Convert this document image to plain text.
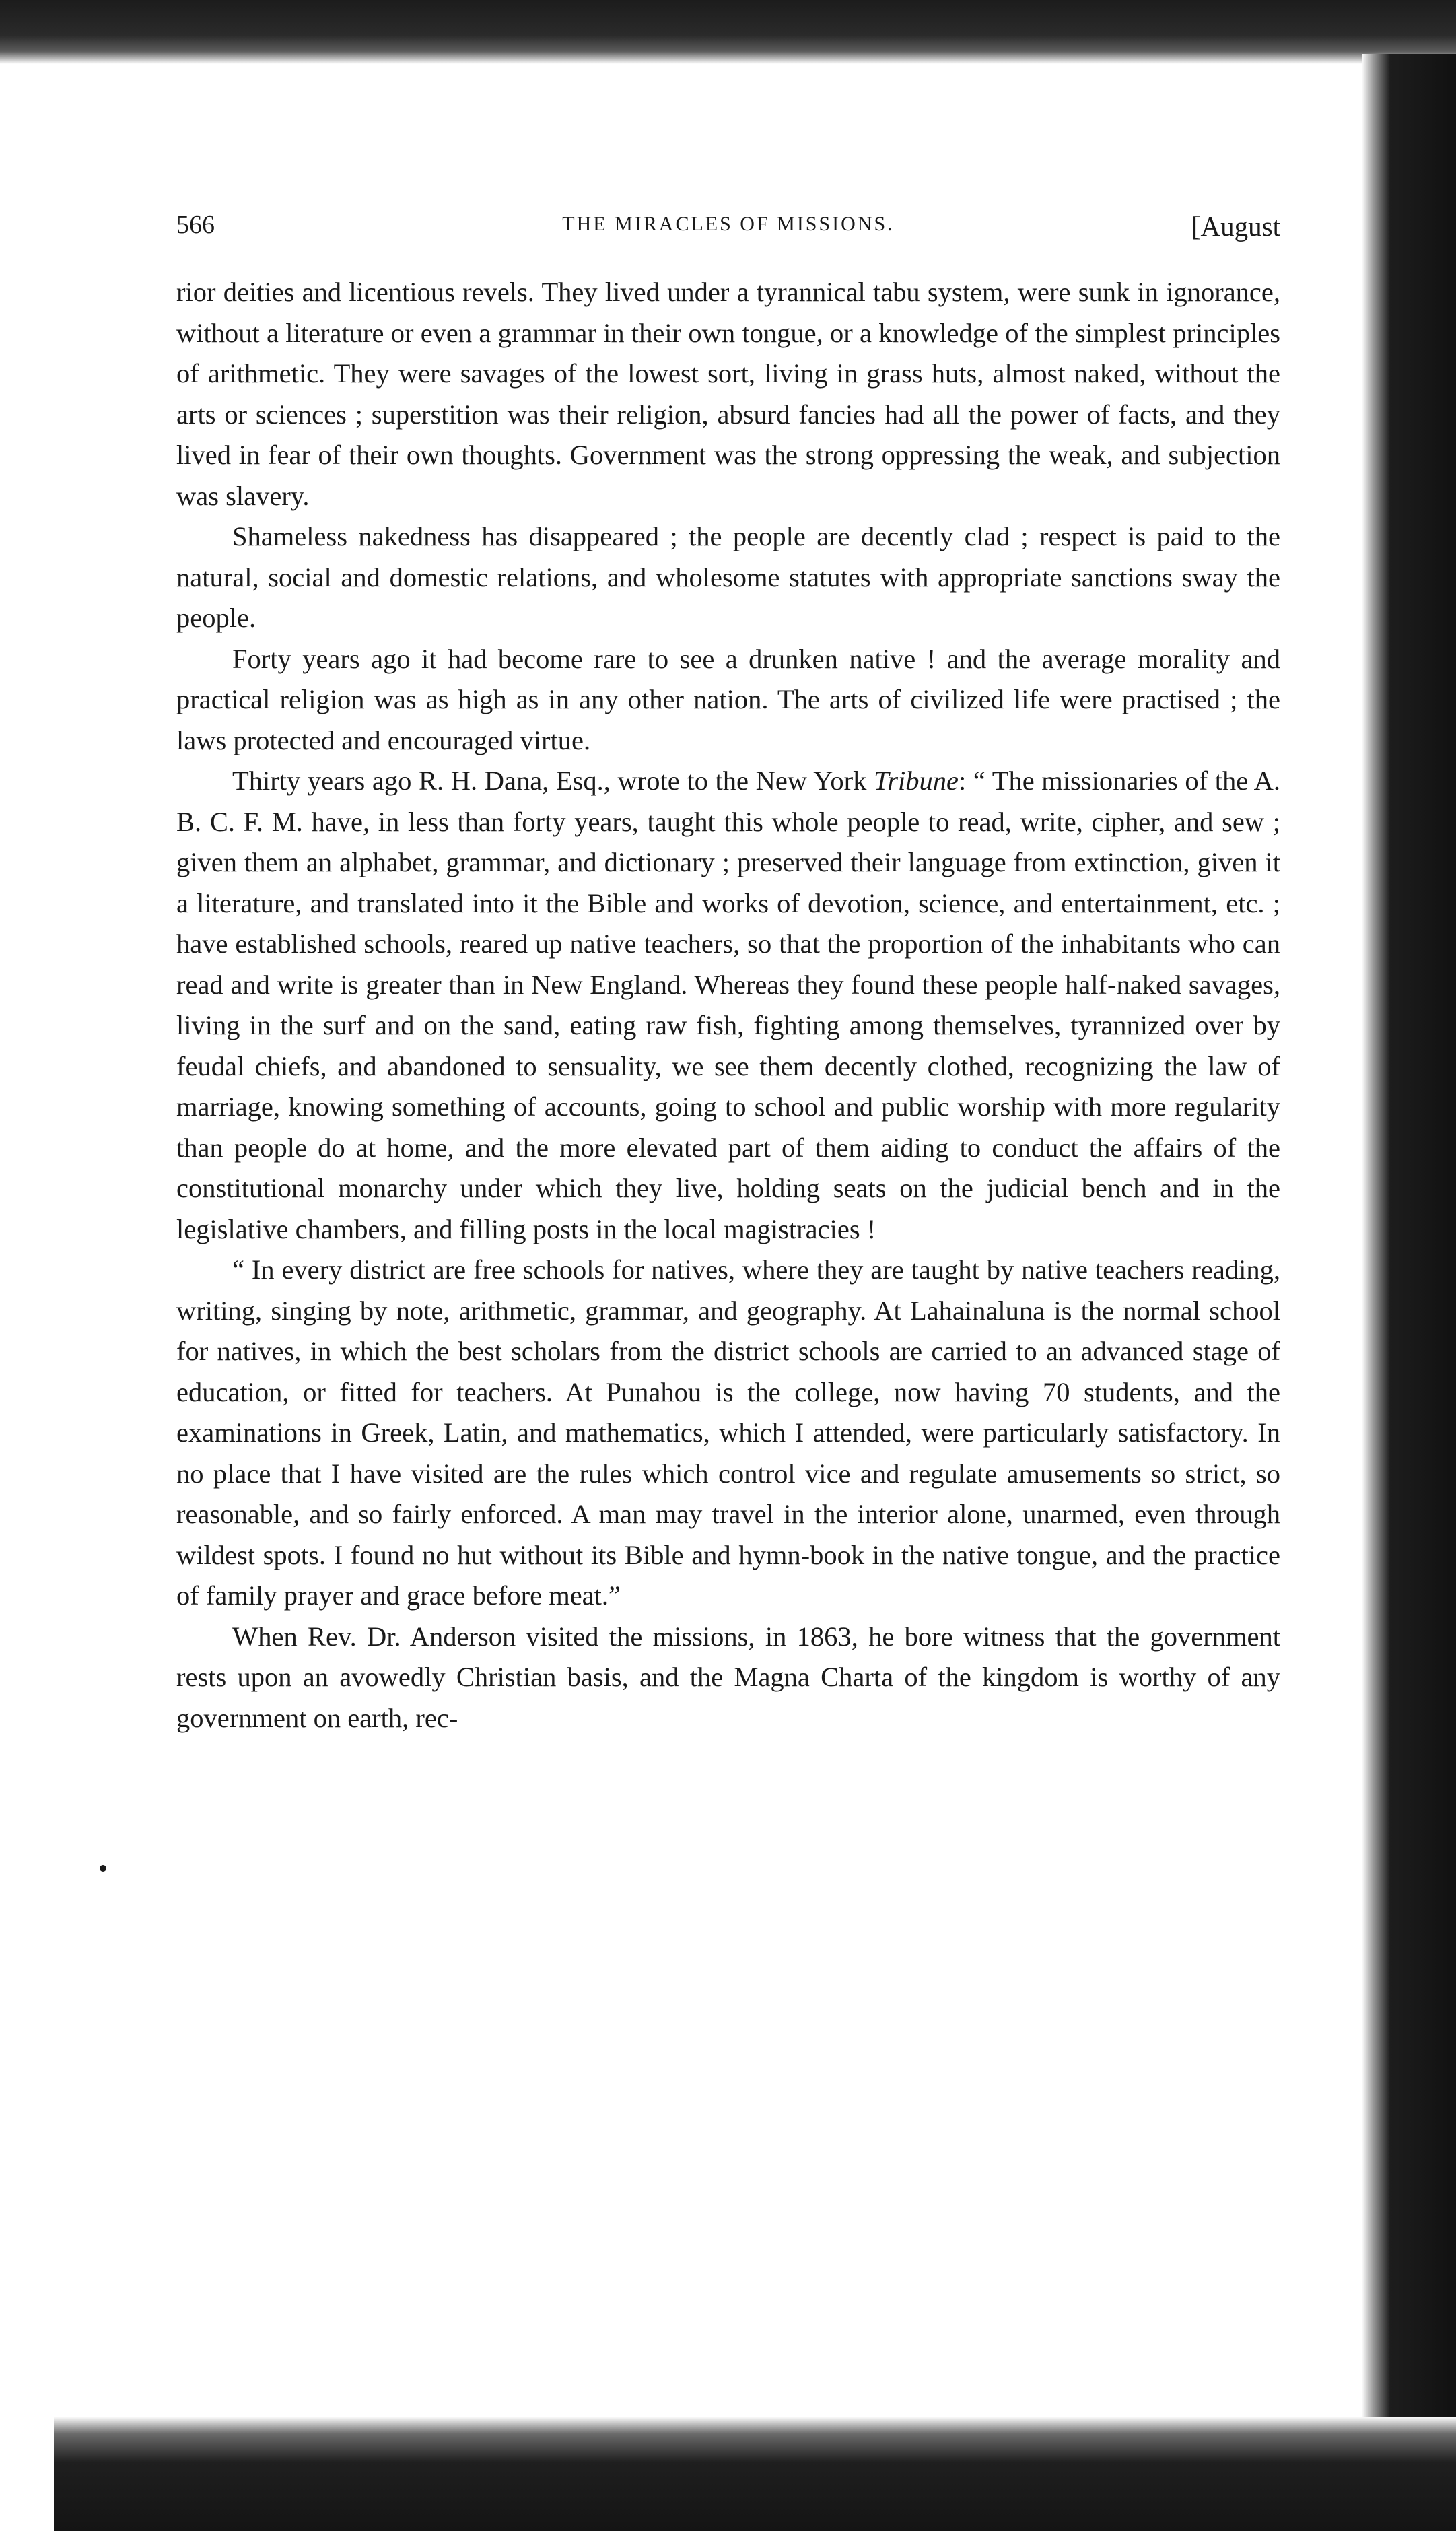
566	THE MIRACLES OF MISSIONS.	[August

rior deities and licentious revels. They lived under a tyrannical tabu system, were sunk in ignorance, without a literature or even a grammar in their own tongue, or a knowledge of the simplest principles of arithmetic. They were savages of the lowest sort, living in grass huts, almost naked, without the arts or sciences ; superstition was their religion, absurd fancies had all the power of facts, and they lived in fear of their own thoughts. Government was the strong oppressing the weak, and subjection was slavery.

Shameless nakedness has disappeared ; the people are decently clad ; respect is paid to the natural, social and domestic relations, and wholesome statutes with appropriate sanctions sway the people.

Forty years ago it had become rare to see a drunken native ! and the average morality and practical religion was as high as in any other nation. The arts of civilized life were practised ; the laws protected and encouraged virtue.

Thirty years ago R. H. Dana, Esq., wrote to the New York Tribune: “ The missionaries of the A. B. C. F. M. have, in less than forty years, taught this whole people to read, write, cipher, and sew ; given them an alphabet, grammar, and dictionary ; preserved their language from extinction, given it a literature, and translated into it the Bible and works of devotion, science, and entertainment, etc. ; have established schools, reared up native teachers, so that the proportion of the inhabitants who can read and write is greater than in New England. Whereas they found these people half-naked savages, living in the surf and on the sand, eating raw fish, fighting among themselves, tyrannized over by feudal chiefs, and abandoned to sensuality, we see them decently clothed, recognizing the law of marriage, knowing something of accounts, going to school and public worship with more regularity than people do at home, and the more elevated part of them aiding to conduct the affairs of the constitutional monarchy under which they live, holding seats on the judicial bench and in the legislative chambers, and filling posts in the local magistracies !

“ In every district are free schools for natives, where they are taught by native teachers reading, writing, singing by note, arithmetic, grammar, and geography. At Lahainaluna is the normal school for natives, in which the best scholars from the district schools are carried to an advanced stage of education, or fitted for teachers. At Punahou is the college, now having 70 students, and the examinations in Greek, Latin, and mathematics, which I attended, were particularly satisfactory. In no place that I have visited are the rules which control vice and regulate amusements so strict, so reasonable, and so fairly enforced. A man may travel in the interior alone, unarmed, even through wildest spots. I found no hut without its Bible and hymn-book in the native tongue, and the practice of family prayer and grace before meat.”

When Rev. Dr. Anderson visited the missions, in 1863, he bore witness that the government rests upon an avowedly Christian basis, and the Magna Charta of the kingdom is worthy of any government on earth, rec-
